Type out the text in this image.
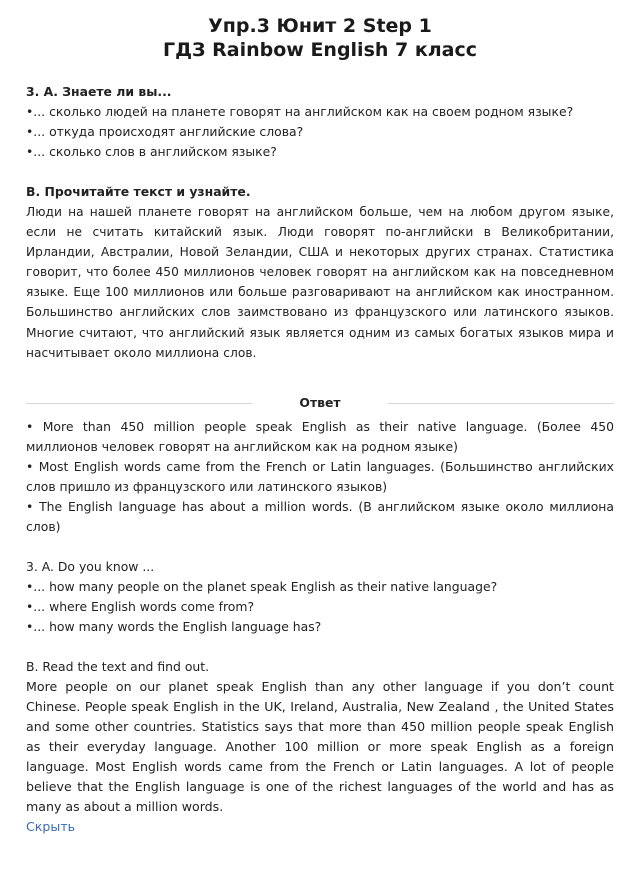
Упр.3 Юнит 2 Step 1
ГДЗ Rainbow English 7 класс
3. А. Знаете ли вы...
•... сколько людей на планете говорят на английском как на своем родном языке?
•... откуда происходят английские слова?
•... сколько слов в английском языке?
B. Прочитайте текст и узнайте.
Люди на нашей планете говорят на английском больше, чем на любом другом языке, если не считать китайский язык. Люди говорят по-английски в Великобритании, Ирландии, Австралии, Новой Зеландии, США и некоторых других странах. Статистика говорит, что более 450 миллионов человек говорят на английском как на повседневном языке. Еще 100 миллионов или больше разговаривают на английском как иностранном. Большинство английских слов заимствовано из французского или латинского языков. Многие считают, что английский язык является одним из самых богатых языков мира и насчитывает около миллиона слов.
Ответ
• More than 450 million people speak English as their native language. (Более 450 миллионов человек говорят на английском как на родном языке)
• Most English words came from the French or Latin languages. (Большинство английских слов пришло из французского или латинского языков)
• The English language has about a million words. (В английском языке около миллиона слов)
3. A. Do you know ...
•... how many people on the planet speak English as their native language?
•... where English words come from?
•... how many words the English language has?
B. Read the text and find out.
More people on our planet speak English than any other language if you don’t count Chinese. People speak English in the UK, Ireland, Australia, New Zealand , the United States and some other countries. Statistics says that more than 450 million people speak English as their everyday language. Another 100 million or more speak English as a foreign language. Most English words came from the French or Latin languages. A lot of people believe that the English language is one of the richest languages of the world and has as many as about a million words.
Скрыть
